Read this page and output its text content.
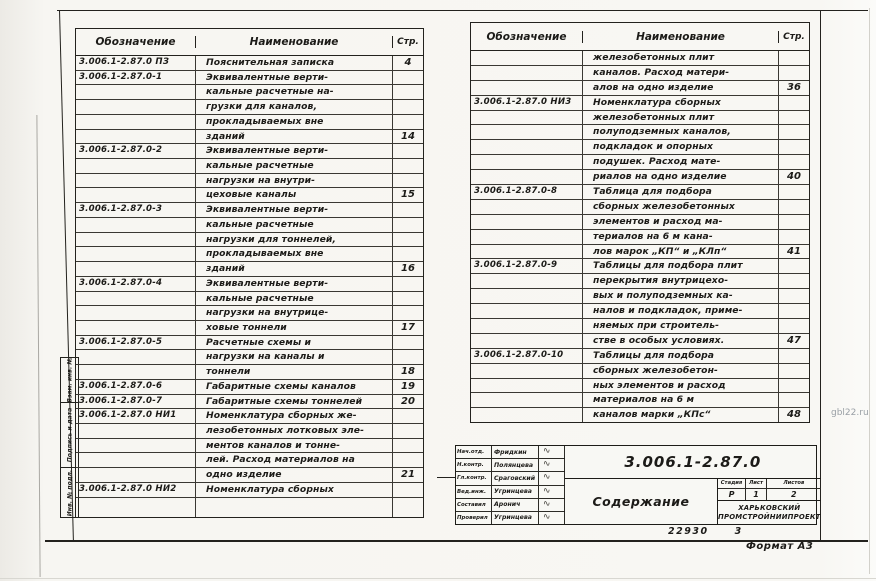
Взам. инв. №
Подпись и дата
Инв. № подл.
Обозначение	Наименование	Стр.
3.006.1-2.87.0 ПЗ	Пояснительная записка	4
3.006.1-2.87.0-1	Эквивалентные верти-
кальные расчетные на-
грузки для каналов,
прокладываемых вне
зданий	14
3.006.1-2.87.0-2	Эквивалентные верти-
кальные расчетные
нагрузки на внутри-
цеховые каналы	15
3.006.1-2.87.0-3	Эквивалентные верти-
кальные расчетные
нагрузки для тоннелей,
прокладываемых вне
зданий	16
3.006.1-2.87.0-4	Эквивалентные верти-
кальные расчетные
нагрузки на внутрице-
ховые тоннели	17
3.006.1-2.87.0-5	Расчетные схемы и
нагрузки на каналы и
тоннели	18
3.006.1-2.87.0-6	Габаритные схемы каналов	19
3.006.1-2.87.0-7	Габаритные схемы тоннелей	20
3.006.1-2.87.0 НИ1	Номенклатура сборных же-
лезобетонных лотковых эле-
ментов каналов и тонне-
лей. Расход материалов на
одно изделие	21
3.006.1-2.87.0 НИ2	Номенклатура сборных
Обозначение	Наименование	Стр.
железобетонных плит
каналов. Расход матери-
алов на одно изделие	36
3.006.1-2.87.0 НИ3	Номенклатура сборных
железобетонных плит
полуподземных каналов,
подкладок и опорных
подушек. Расход мате-
риалов на одно изделие	40
3.006.1-2.87.0-8	Таблица для подбора
сборных железобетонных
элементов и расход ма-
териалов на 6 м кана-
лов марок „КП“ и „КЛп“	41
3.006.1-2.87.0-9	Таблицы для подбора плит
перекрытия внутрицехо-
вых и полуподземных ка-
налов и подкладок, приме-
няемых при строитель-
стве в особых условиях.	47
3.006.1-2.87.0-10	Таблицы для подбора
сборных железобетон-
ных элементов и расход
материалов на 6 м
каналов марки „КПс“	48
Нач.отд.	Фридкин
∿
Н.контр.	Полянцева
∿
Гл.контр.	Сраговский
∿
Вед.инж.	Угринцева
∿
Составил	Аронич
∿
Проверил	Угринцева
∿
3.006.1-2.87.0
Содержание
Стадия	Лист	Листов
Р	1	2
ХАРЬКОВСКИЙ
ПРОМСТРОЙНИИПРОЕКТ
22930	3
Формат А3
gbl22.ru
